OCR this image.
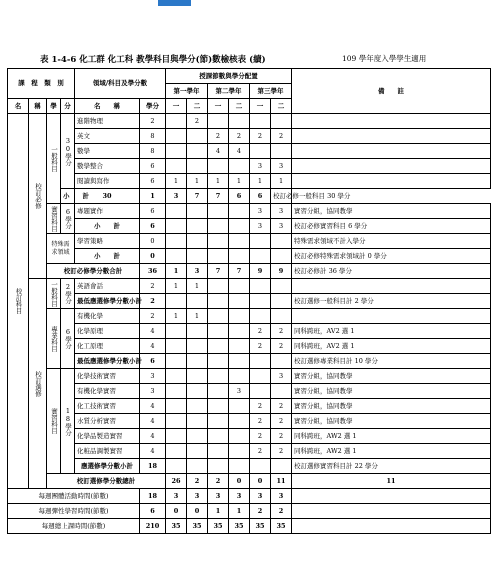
表 1-4-6 化工群 化工科 教學科目與學分(節)數檢核表 (續)	109 學年度入學學生適用
課　程　類　別				領域/科目及學分數		授課節數與學分配置						備　　註	
						第一學年		第二學年		第三學年			
名	稱	學	分	名　　稱	學分	一	二	一	二	一	二		
校訂科目	校訂必修	一般科目	30學分	進階物理	2		2						
				英文	8			2	2	2	2		
				數學	8			4	4				
				數學整合	6					3	3		
				閱讀與寫作	6	1	1	1	1	1	1		
			小　　計	30	1	3	7	7	6	6	校訂必修一般科目 30 學分		
		實習科目	6學分	專題實作	6					3	3	實習分組，協同教學	
				小　　計	6					3	3	校訂必修實習科目 6 學分	
		特殊需求領域		學習策略	0							特殊需求領域不計入學分	
				小　　計	0							校訂必修特殊需求領域計 0 學分	
		校訂必修學分數合計			36	1	3	7	7	9	9	校訂必修計 36 學分	
	校訂選修	一般科目	2學分	英語會話	2	1	1						
				最低應選修學分數小計	2							校訂選修一般科目計 2 學分	
		專業科目	6學分	有機化學	2	1	1						
				化學原理	4					2	2	同科跨班，AV2 選 1	
				化工原理	4					2	2	同科跨班，AV2 選 1	
				最低應選修學分數小計	6							校訂選修專業科目計 10 學分	
		實習科目	18學分	化學技術實習	3						3	實習分組，協同教學	
				有機化學實習	3				3			實習分組，協同教學	
				化工技術實習	4					2	2	實習分組，協同教學	
				水質分析實習	4					2	2	實習分組，協同教學	
				化學品製造實習	4					2	2	同科跨班，AW2 選 1	
				化粧品調製實習	4					2	2	同科跨班，AW2 選 1	
				應選修學分數小計	18							校訂選修實習科目計 22 學分	
		校訂選修學分數總計				26	2	2	0	0	11	11	
每週團體活動時間(節數)					18	3	3	3	3	3	3		
每週彈性學習時間(節數)					6	0	0	1	1	2	2		
每週總上課時間(節數)					210	35	35	35	35	35	35		
